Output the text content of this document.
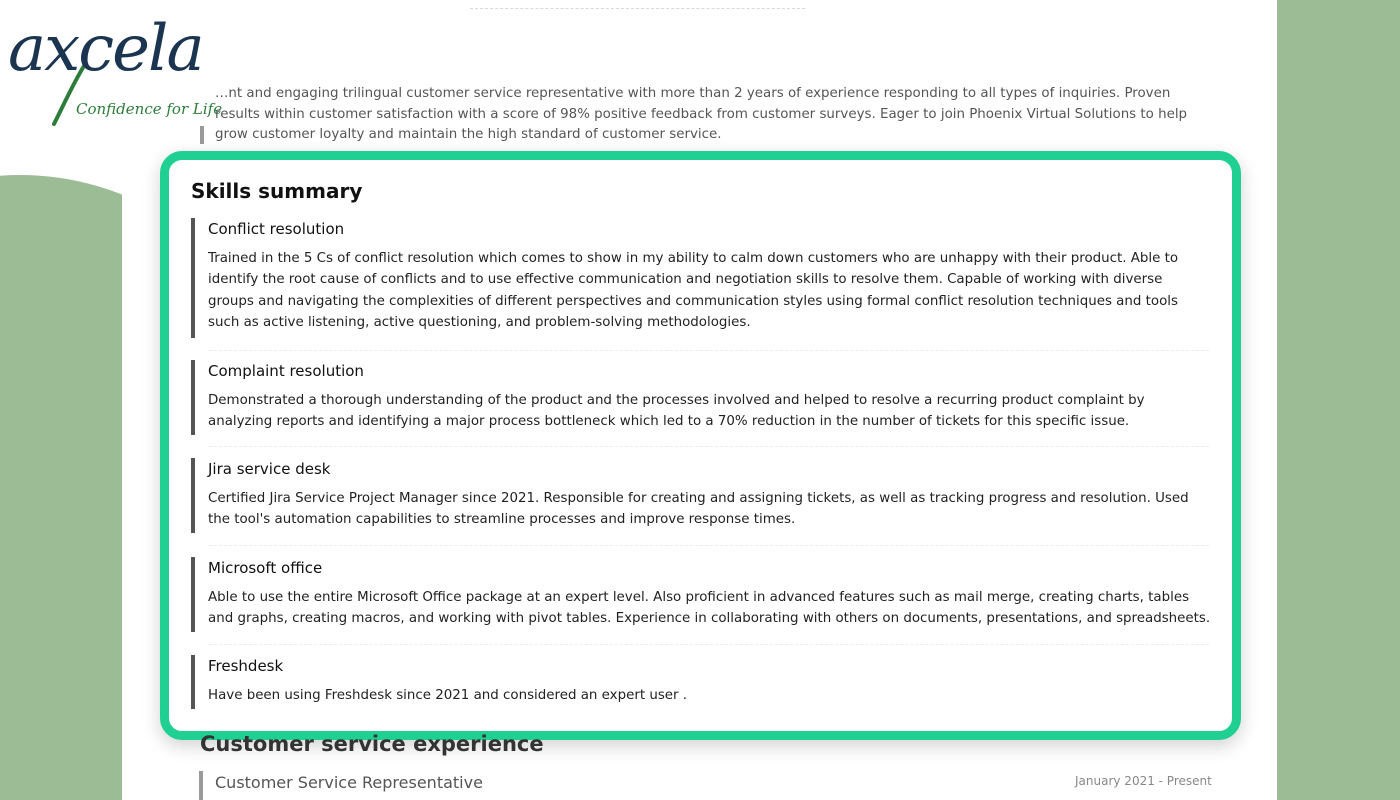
axcela
Confidence for Life
…nt and engaging trilingual customer service representative with more than 2 years of experience responding to all types of inquiries. Proven results within customer satisfaction with a score of 98% positive feedback from customer surveys. Eager to join Phoenix Virtual Solutions to help grow customer loyalty and maintain the high standard of customer service.
Skills summary
Conflict resolution
Trained in the 5 Cs of conflict resolution which comes to show in my ability to calm down customers who are unhappy with their product. Able to identify the root cause of conflicts and to use effective communication and negotiation skills to resolve them. Capable of working with diverse groups and navigating the complexities of different perspectives and communication styles using formal conflict resolution techniques and tools such as active listening, active questioning, and problem-solving methodologies.
Complaint resolution
Demonstrated a thorough understanding of the product and the processes involved and helped to resolve a recurring product complaint by analyzing reports and identifying a major process bottleneck which led to a 70% reduction in the number of tickets for this specific issue.
Jira service desk
Certified Jira Service Project Manager since 2021. Responsible for creating and assigning tickets, as well as tracking progress and resolution. Used the tool's automation capabilities to streamline processes and improve response times.
Microsoft office
Able to use the entire Microsoft Office package at an expert level. Also proficient in advanced features such as mail merge, creating charts, tables and graphs, creating macros, and working with pivot tables. Experience in collaborating with others on documents, presentations, and spreadsheets.
Freshdesk
Have been using Freshdesk since 2021 and considered an expert user .
Customer service experience
Customer Service Representative	January 2021 - Present
